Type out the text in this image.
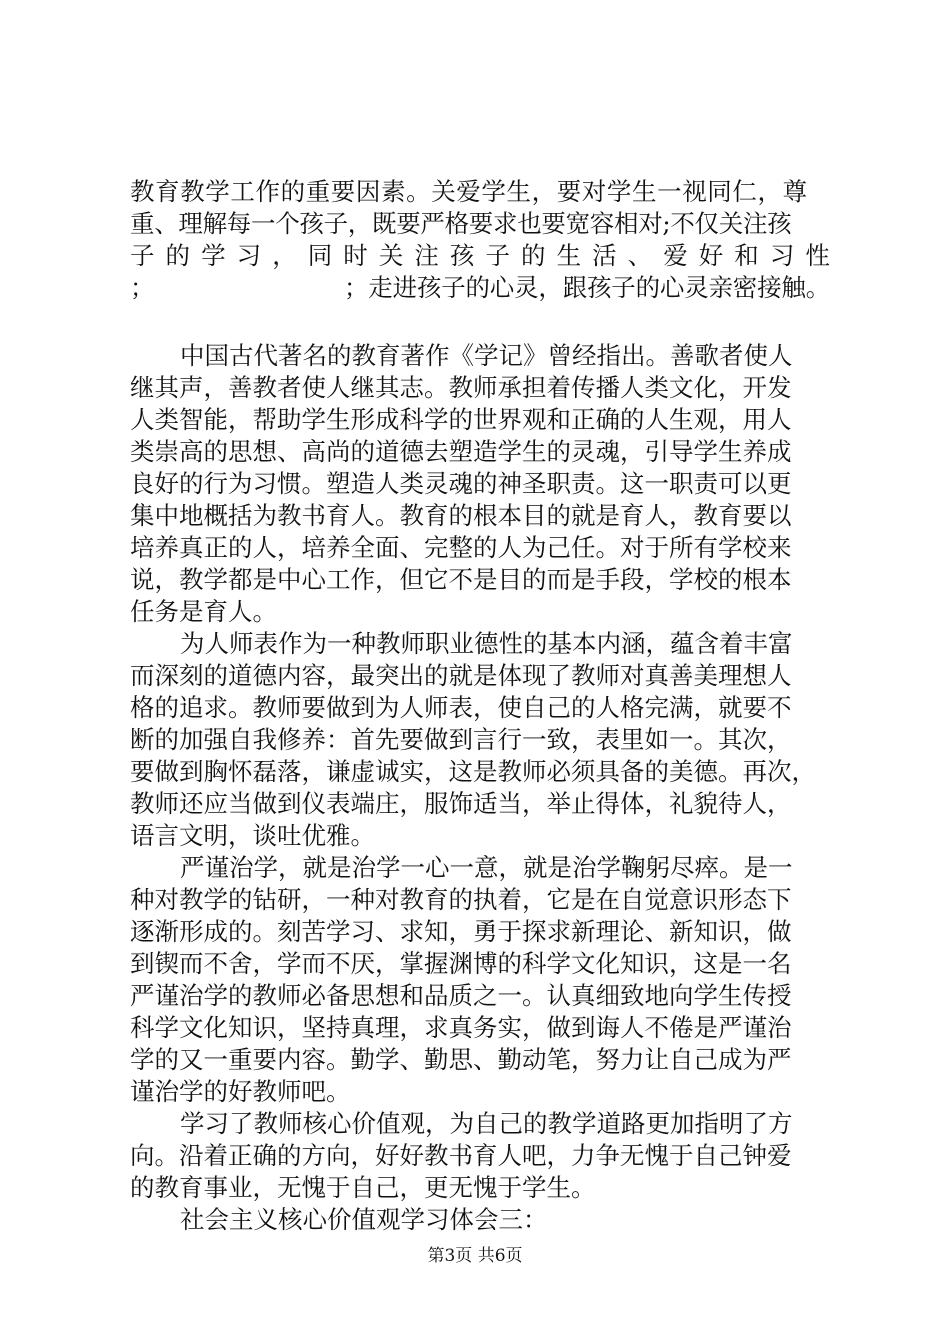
教育教学工作的重要因素。关爱学生，要对学生一视同仁，尊
重、理解每一个孩子，既要严格要求也要宽容相对;不仅关注孩
子 的 学 习 ， 同 时 关 注 孩 子 的 生 活 、 爱 好 和 习 性
；	；走进孩子的心灵，跟孩子的心灵亲密接触。
中国古代著名的教育著作《学记》曾经指出。善歌者使人
继其声，善教者使人继其志。教师承担着传播人类文化，开发
人类智能，帮助学生形成科学的世界观和正确的人生观，用人
类崇高的思想、高尚的道德去塑造学生的灵魂，引导学生养成
良好的行为习惯。塑造人类灵魂的神圣职责。这一职责可以更
集中地概括为教书育人。教育的根本目的就是育人，教育要以
培养真正的人，培养全面、完整的人为己任。对于所有学校来
说，教学都是中心工作，但它不是目的而是手段，学校的根本
任务是育人。
为人师表作为一种教师职业德性的基本内涵，蕴含着丰富
而深刻的道德内容，最突出的就是体现了教师对真善美理想人
格的追求。教师要做到为人师表，使自己的人格完满，就要不
断的加强自我修养：首先要做到言行一致，表里如一。其次，
要做到胸怀磊落，谦虚诚实，这是教师必须具备的美德。再次，
教师还应当做到仪表端庄，服饰适当，举止得体，礼貌待人，
语言文明，谈吐优雅。
严谨治学，就是治学一心一意，就是治学鞠躬尽瘁。是一
种对教学的钻研，一种对教育的执着，它是在自觉意识形态下
逐渐形成的。刻苦学习、求知，勇于探求新理论、新知识，做
到锲而不舍，学而不厌，掌握渊博的科学文化知识，这是一名
严谨治学的教师必备思想和品质之一。认真细致地向学生传授
科学文化知识，坚持真理，求真务实，做到诲人不倦是严谨治
学的又一重要内容。勤学、勤思、勤动笔，努力让自己成为严
谨治学的好教师吧。
学习了教师核心价值观，为自己的教学道路更加指明了方
向。沿着正确的方向，好好教书育人吧，力争无愧于自己钟爱
的教育事业，无愧于自己，更无愧于学生。
社会主义核心价值观学习体会三：
第3页 共6页
